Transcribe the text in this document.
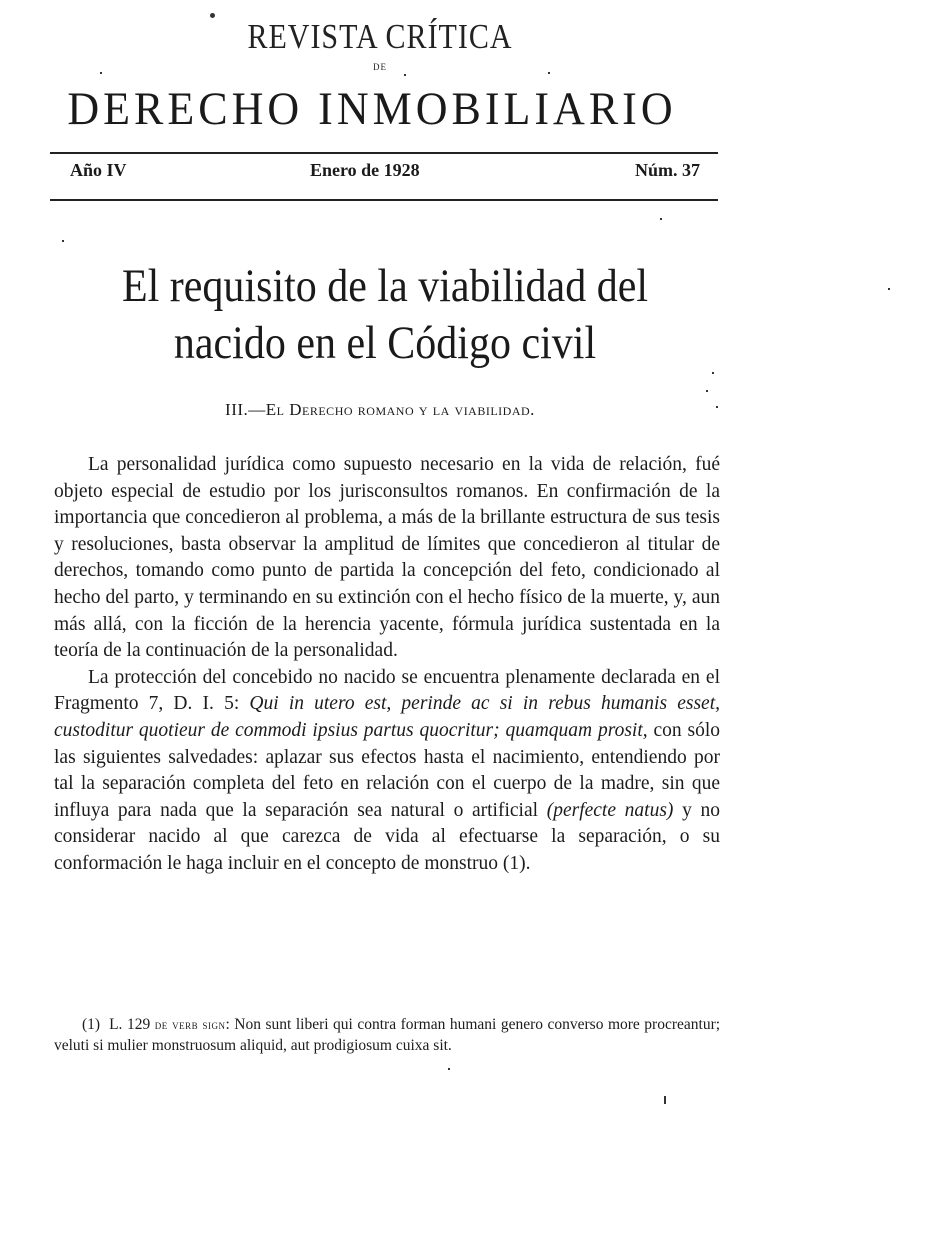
REVISTA CRÍTICA
DE
DERECHO INMOBILIARIO
Año IV	Enero de 1928	Núm. 37
El requisito de la viabilidad del
nacido en el Código civil
III.—El Derecho romano y la viabilidad.

La personalidad jurídica como supuesto necesario en la vida de relación, fué objeto especial de estudio por los jurisconsultos romanos. En confirmación de la importancia que concedieron al problema, a más de la brillante estructura de sus tesis y resoluciones, basta observar la amplitud de límites que concedieron al titular de derechos, tomando como punto de partida la concepción del feto, condicionado al hecho del parto, y terminando en su extinción con el hecho físico de la muerte, y, aun más allá, con la ficción de la herencia yacente, fórmula jurídica sustentada en la teoría de la continuación de la personalidad.

La protección del concebido no nacido se encuentra plenamente declarada en el Fragmento 7, D. I. 5: Qui in utero est, perinde ac si in rebus humanis esset, custoditur quotieur de commodi ipsius partus quocritur; quamquam prosit, con sólo las siguientes salvedades: aplazar sus efectos hasta el nacimiento, entendiendo por tal la separación completa del feto en relación con el cuerpo de la madre, sin que influya para nada que la separación sea natural o artificial (perfecte natus) y no considerar nacido al que carezca de vida al efectuarse la separación, o su conformación le haga incluir en el concepto de monstruo (1).

(1) L. 129 de verb sign: Non sunt liberi qui contra forman humani genero converso more procreantur; veluti si mulier monstruosum aliquid, aut prodigiosum cuixa sit.
